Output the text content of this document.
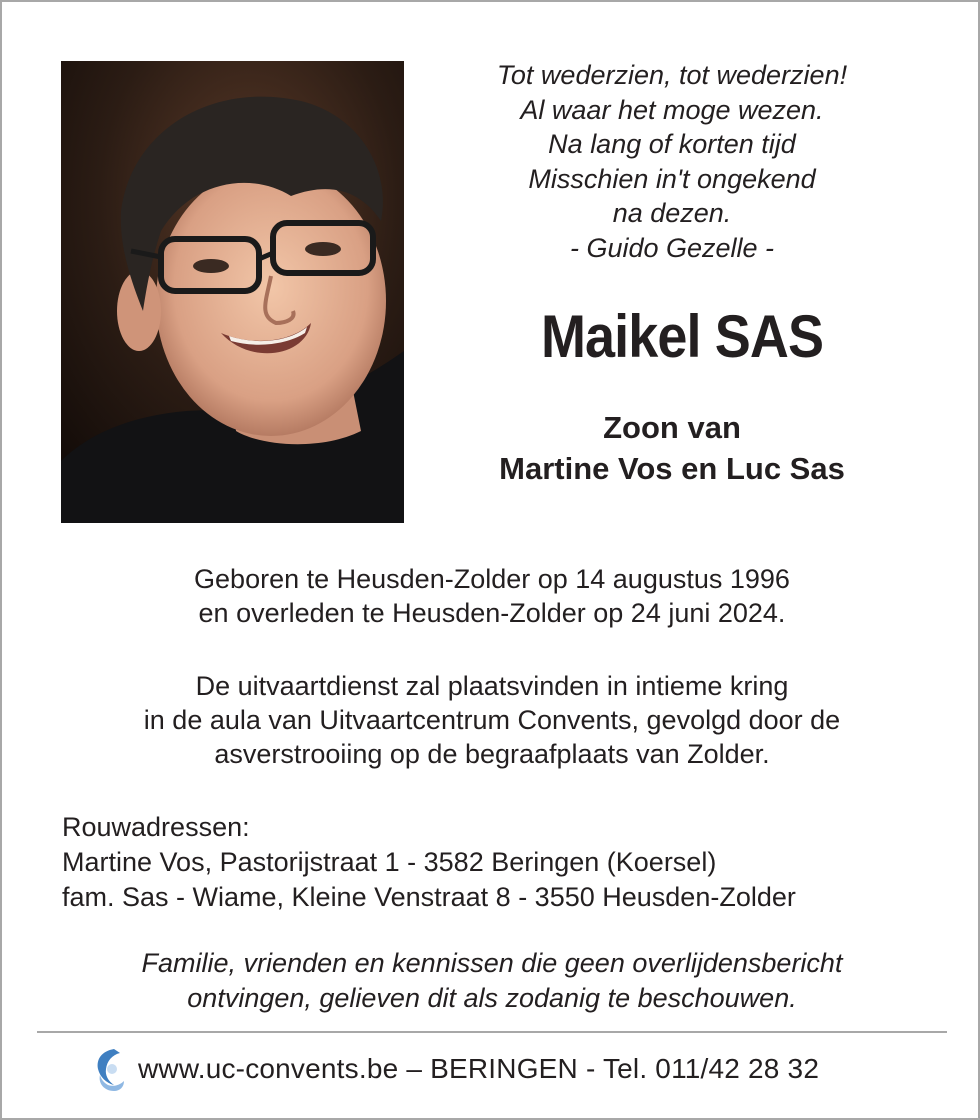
Tot wederzien, tot wederzien!
Al waar het moge wezen.
Na lang of korten tijd
Misschien in't ongekend
na dezen.
- Guido Gezelle -
Maikel SAS
Zoon van
Martine Vos en Luc Sas
Geboren te Heusden-Zolder op 14 augustus 1996
en overleden te Heusden-Zolder op 24 juni 2024.
De uitvaartdienst zal plaatsvinden in intieme kring
in de aula van Uitvaartcentrum Convents, gevolgd door de
asverstrooiing op de begraafplaats van Zolder.
Rouwadressen:
Martine Vos, Pastorijstraat 1 - 3582 Beringen (Koersel)
fam. Sas - Wiame, Kleine Venstraat 8 - 3550 Heusden-Zolder
Familie, vrienden en kennissen die geen overlijdensbericht
ontvingen, gelieven dit als zodanig te beschouwen.
www.uc-convents.be – BERINGEN - Tel. 011/42 28 32
